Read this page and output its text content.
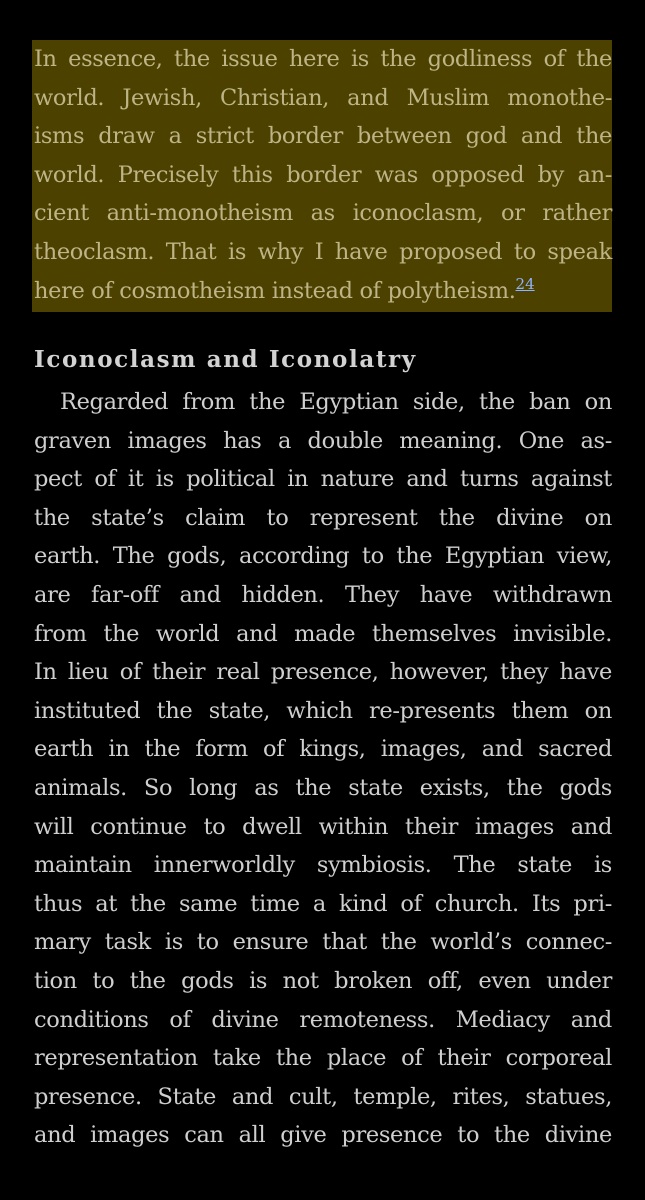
In essence, the issue here is the godliness of the
world. Jewish, Christian, and Muslim monothe-
isms draw a strict border between god and the
world. Precisely this border was opposed by an-
cient anti-monotheism as iconoclasm, or rather
theoclasm. That is why I have proposed to speak
here of cosmotheism instead of polytheism.$^{24}$
Iconoclasm and Iconolatry
Regarded from the Egyptian side, the ban on
graven images has a double meaning. One as-
pect of it is political in nature and turns against
the state’s claim to represent the divine on
earth. The gods, according to the Egyptian view,
are far-off and hidden. They have withdrawn
from the world and made themselves invisible.
In lieu of their real presence, however, they have
instituted the state, which re-presents them on
earth in the form of kings, images, and sacred
animals. So long as the state exists, the gods
will continue to dwell within their images and
maintain innerworldly symbiosis. The state is
thus at the same time a kind of church. Its pri-
mary task is to ensure that the world’s connec-
tion to the gods is not broken off, even under
conditions of divine remoteness. Mediacy and
representation take the place of their corporeal
presence. State and cult, temple, rites, statues,
and images can all give presence to the divine
